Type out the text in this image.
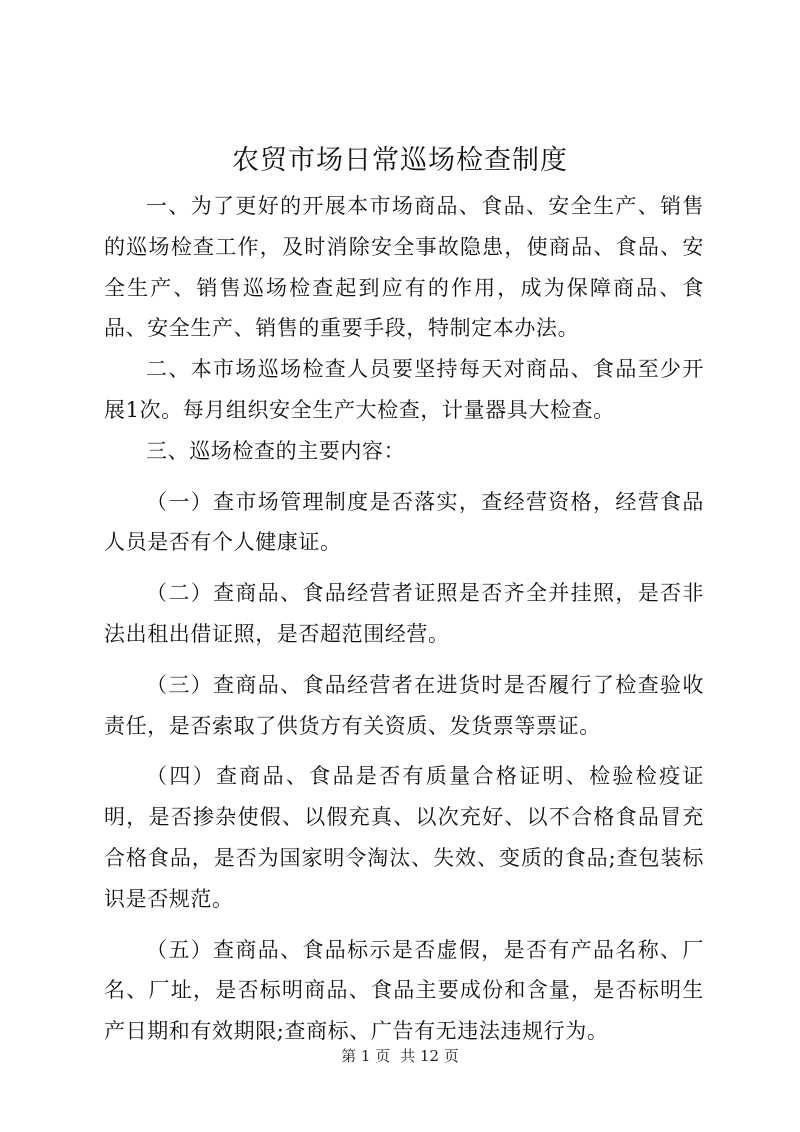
农贸市场日常巡场检查制度

一、为了更好的开展本市场商品、食品、安全生产、销售的巡场检查工作，及时消除安全事故隐患，使商品、食品、安全生产、销售巡场检查起到应有的作用，成为保障商品、食品、安全生产、销售的重要手段，特制定本办法。

二、本市场巡场检查人员要坚持每天对商品、食品至少开展1次。每月组织安全生产大检查，计量器具大检查。

三、巡场检查的主要内容：

（一）查市场管理制度是否落实，查经营资格，经营食品人员是否有个人健康证。

（二）查商品、食品经营者证照是否齐全并挂照，是否非法出租出借证照，是否超范围经营。

（三）查商品、食品经营者在进货时是否履行了检查验收责任，是否索取了供货方有关资质、发货票等票证。

（四）查商品、食品是否有质量合格证明、检验检疫证明，是否掺杂使假、以假充真、以次充好、以不合格食品冒充合格食品，是否为国家明令淘汰、失效、变质的食品;查包装标识是否规范。

（五）查商品、食品标示是否虚假，是否有产品名称、厂名、厂址，是否标明商品、食品主要成份和含量，是否标明生产日期和有效期限;查商标、广告有无违法违规行为。

第 1 页 共 12 页
